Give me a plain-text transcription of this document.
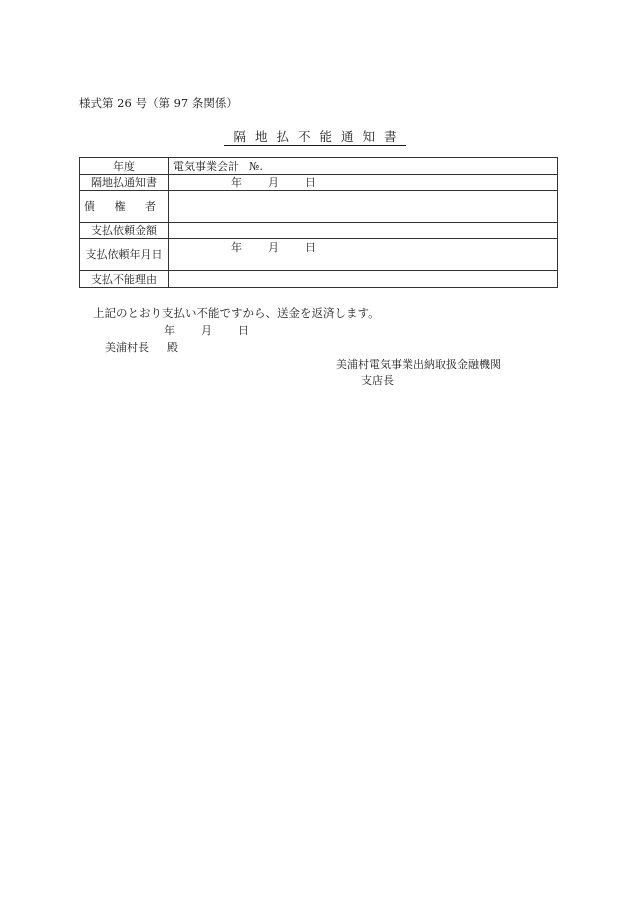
様式第 26 号（第 97 条関係）
隔地払不能通知書
年度	電気事業会計 №.
隔地払通知書	年 月 日
債 権 者	
支払依頼金額	
支払依頼年月日	年 月 日
支払不能理由	
上記のとおり支払い不能ですから、送金を返済します。
年 月 日
美浦村長 殿
美浦村電気事業出納取扱金融機関
支店長
